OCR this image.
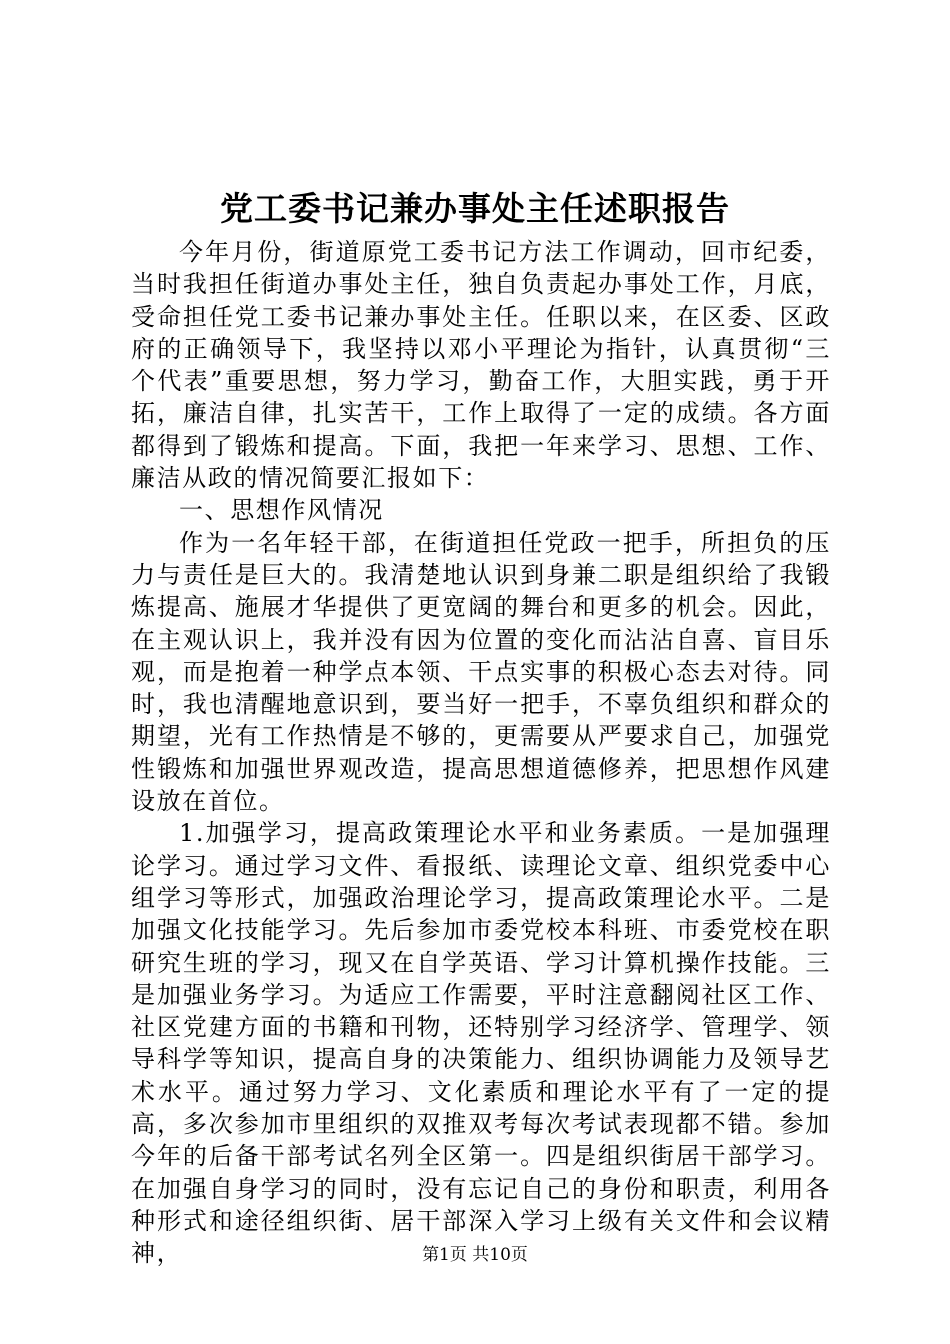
党工委书记兼办事处主任述职报告

今年月份，街道原党工委书记方法工作调动，回市纪委，当时我担任街道办事处主任，独自负责起办事处工作，月底，受命担任党工委书记兼办事处主任。任职以来，在区委、区政府的正确领导下，我坚持以邓小平理论为指针，认真贯彻“三个代表”重要思想，努力学习，勤奋工作，大胆实践，勇于开拓，廉洁自律，扎实苦干，工作上取得了一定的成绩。各方面都得到了锻炼和提高。下面，我把一年来学习、思想、工作、廉洁从政的情况简要汇报如下：

一、思想作风情况

作为一名年轻干部，在街道担任党政一把手，所担负的压力与责任是巨大的。我清楚地认识到身兼二职是组织给了我锻炼提高、施展才华提供了更宽阔的舞台和更多的机会。因此，在主观认识上，我并没有因为位置的变化而沾沾自喜、盲目乐观，而是抱着一种学点本领、干点实事的积极心态去对待。同时，我也清醒地意识到，要当好一把手，不辜负组织和群众的期望，光有工作热情是不够的，更需要从严要求自己，加强党性锻炼和加强世界观改造，提高思想道德修养，把思想作风建设放在首位。

1.加强学习，提高政策理论水平和业务素质。一是加强理论学习。通过学习文件、看报纸、读理论文章、组织党委中心组学习等形式，加强政治理论学习，提高政策理论水平。二是加强文化技能学习。先后参加市委党校本科班、市委党校在职研究生班的学习，现又在自学英语、学习计算机操作技能。三是加强业务学习。为适应工作需要，平时注意翻阅社区工作、社区党建方面的书籍和刊物，还特别学习经济学、管理学、领导科学等知识，提高自身的决策能力、组织协调能力及领导艺术水平。通过努力学习、文化素质和理论水平有了一定的提高，多次参加市里组织的双推双考每次考试表现都不错。参加今年的后备干部考试名列全区第一。四是组织街居干部学习。在加强自身学习的同时，没有忘记自己的身份和职责，利用各种形式和途径组织街、居干部深入学习上级有关文件和会议精神，	第1页 共10页
